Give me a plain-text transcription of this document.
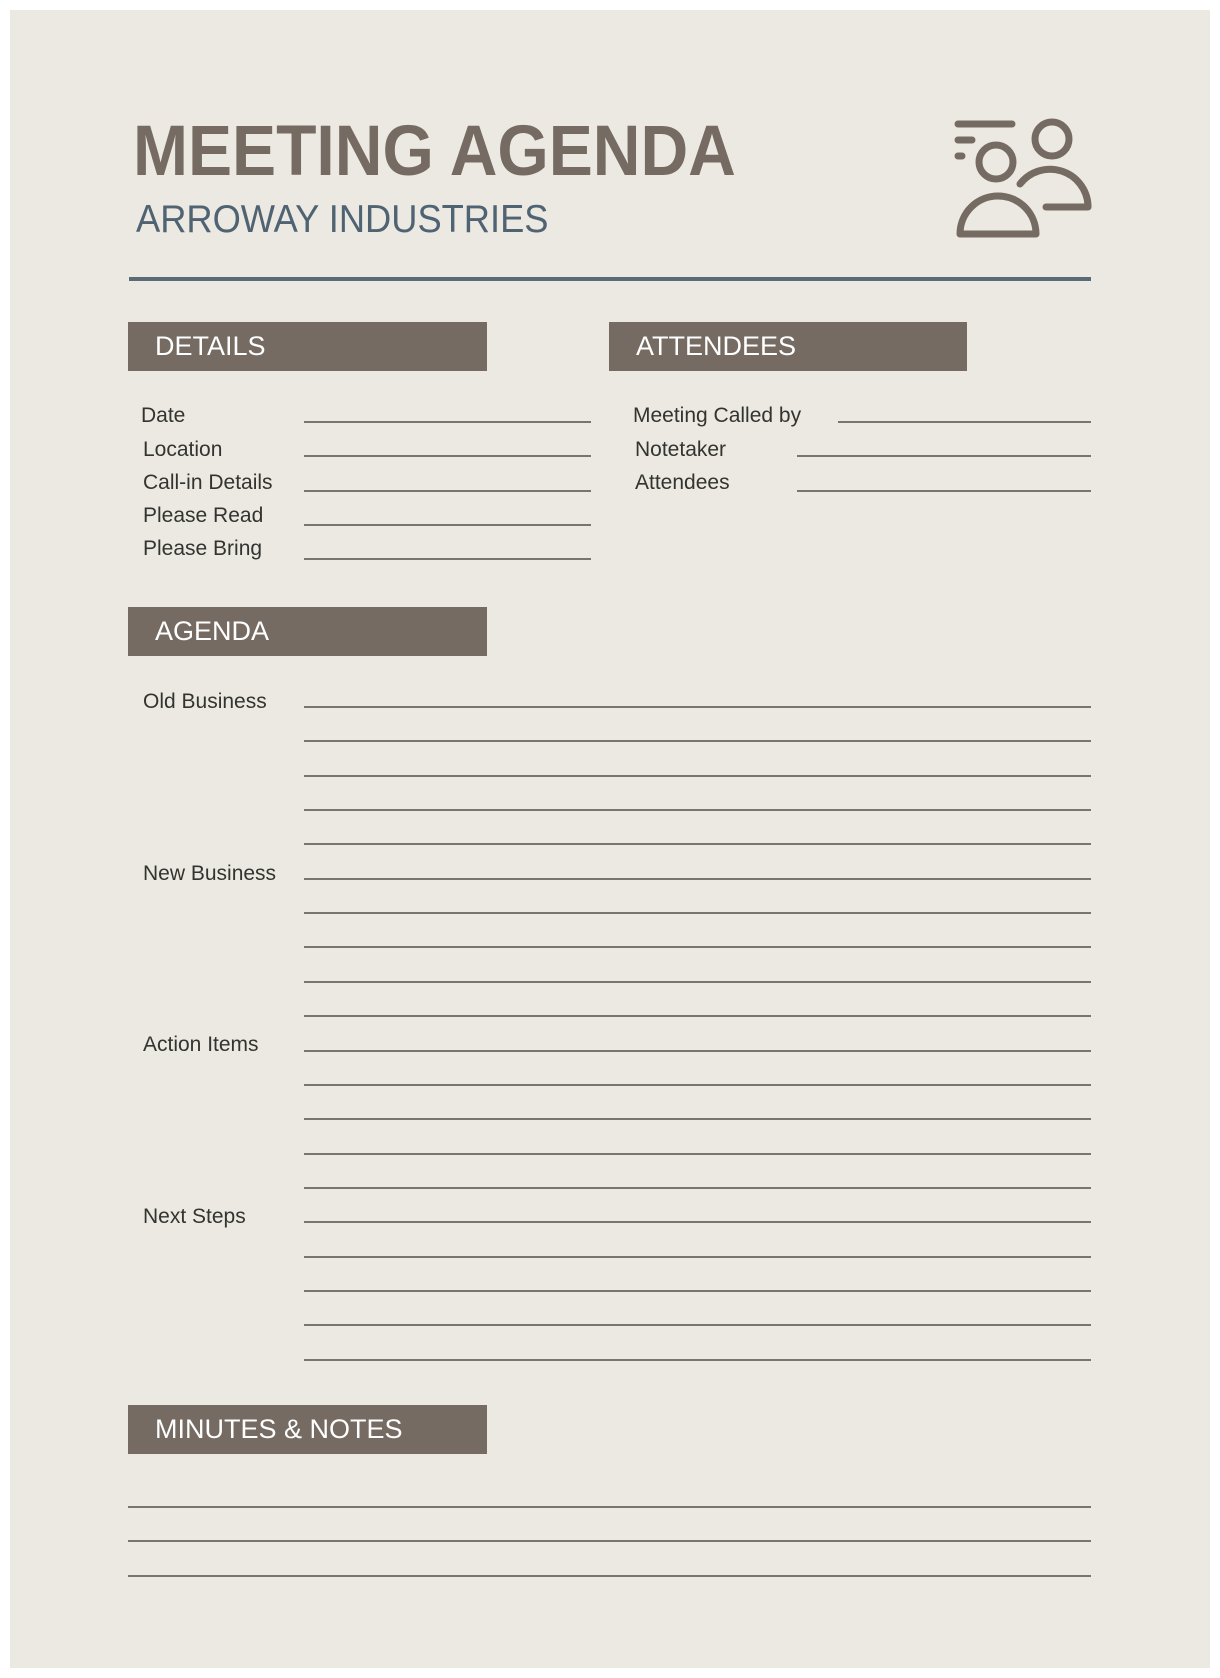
MEETING AGENDA
ARROWAY INDUSTRIES
DETAILS
Date
Location
Call-in Details
Please Read
Please Bring
ATTENDEES
Meeting Called by
Notetaker
Attendees
AGENDA
Old Business
New Business
Action Items
Next Steps
MINUTES & NOTES
